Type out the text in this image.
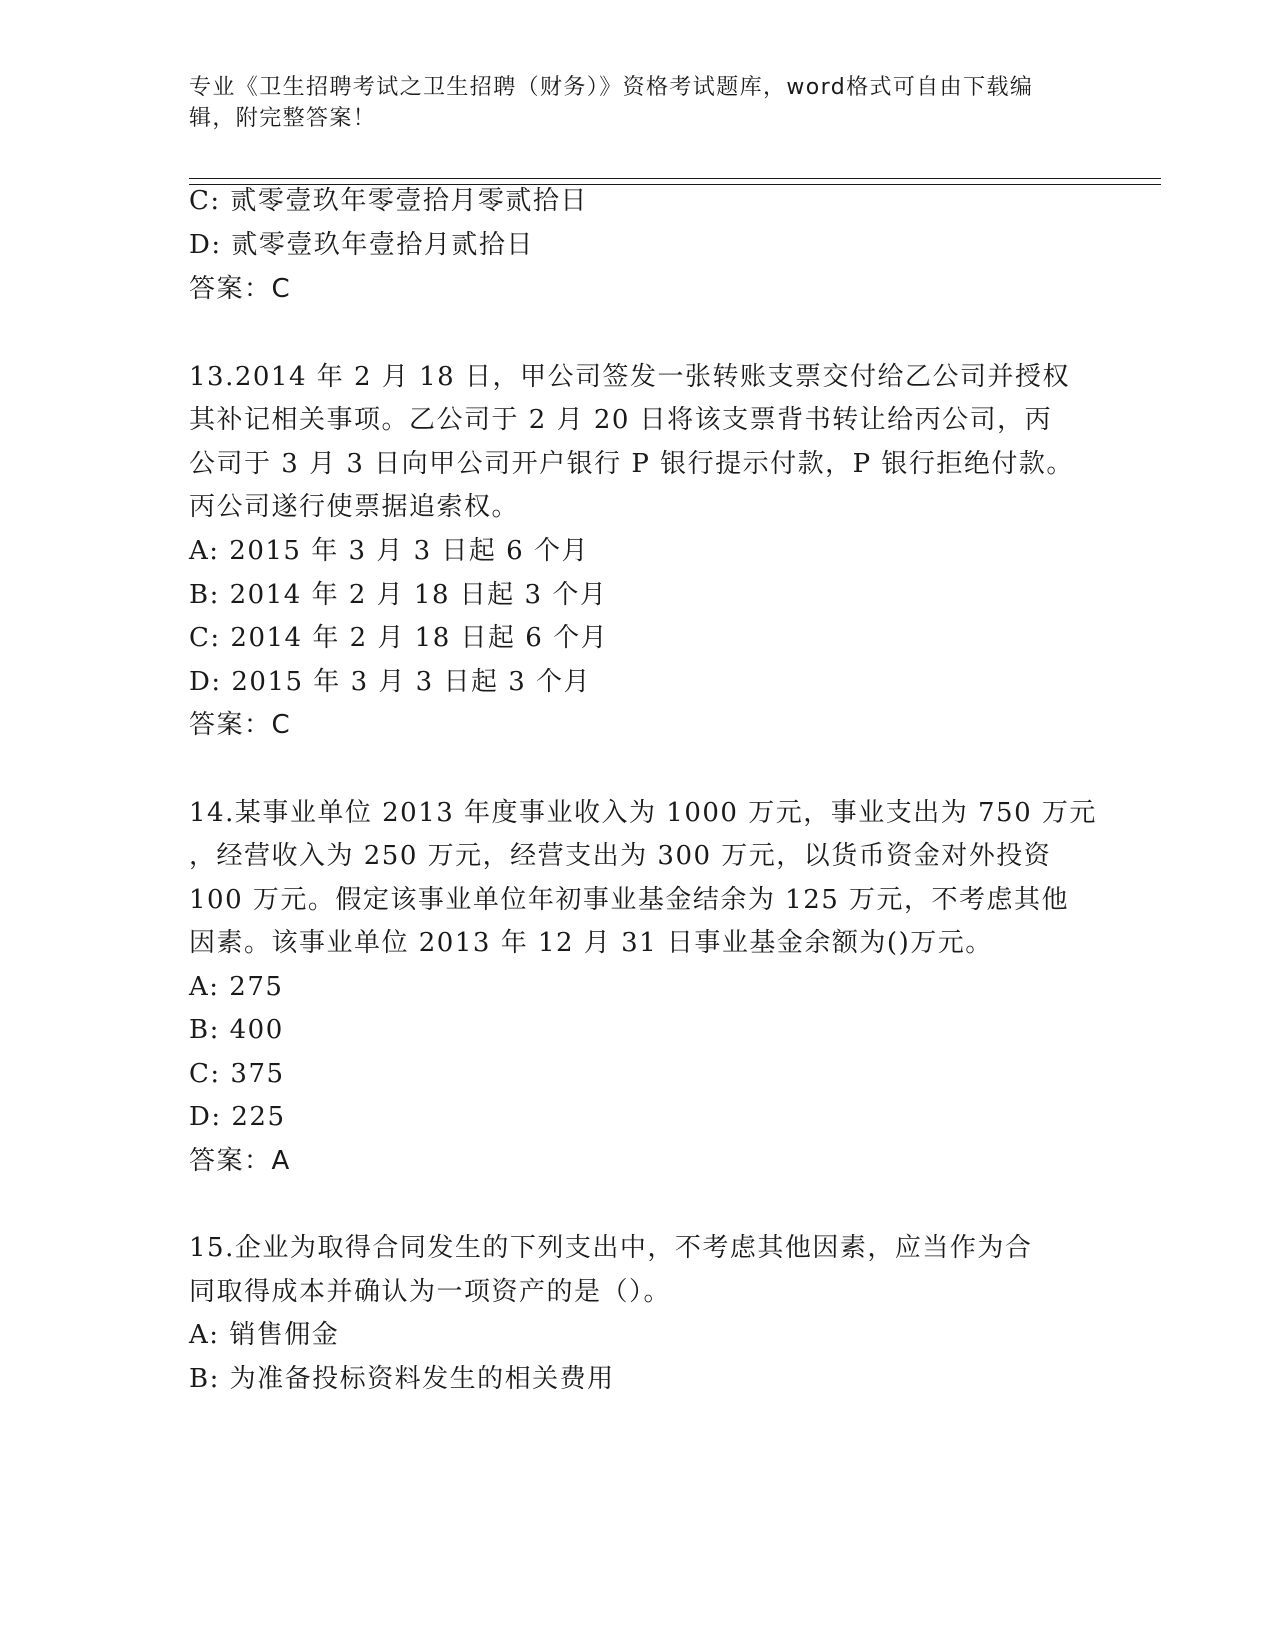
专业《卫生招聘考试之卫生招聘（财务）》资格考试题库，word格式可自由下载编辑，附完整答案！
C: 贰零壹玖年零壹拾月零贰拾日
D: 贰零壹玖年壹拾月贰拾日
答案：C
13.2014 年 2 月 18 日，甲公司签发一张转账支票交付给乙公司并授权
其补记相关事项。乙公司于 2 月 20 日将该支票背书转让给丙公司，丙
公司于 3 月 3 日向甲公司开户银行 P 银行提示付款，P 银行拒绝付款。
丙公司遂行使票据追索权。
A: 2015 年 3 月 3 日起 6 个月
B: 2014 年 2 月 18 日起 3 个月
C: 2014 年 2 月 18 日起 6 个月
D: 2015 年 3 月 3 日起 3 个月
答案：C
14.某事业单位 2013 年度事业收入为 1000 万元，事业支出为 750 万元
，经营收入为 250 万元，经营支出为 300 万元，以货币资金对外投资
100 万元。假定该事业单位年初事业基金结余为 125 万元，不考虑其他
因素。该事业单位 2013 年 12 月 31 日事业基金余额为()万元。
A: 275
B: 400
C: 375
D: 225
答案：A
15.企业为取得合同发生的下列支出中，不考虑其他因素，应当作为合
同取得成本并确认为一项资产的是（）。
A: 销售佣金
B: 为准备投标资料发生的相关费用
